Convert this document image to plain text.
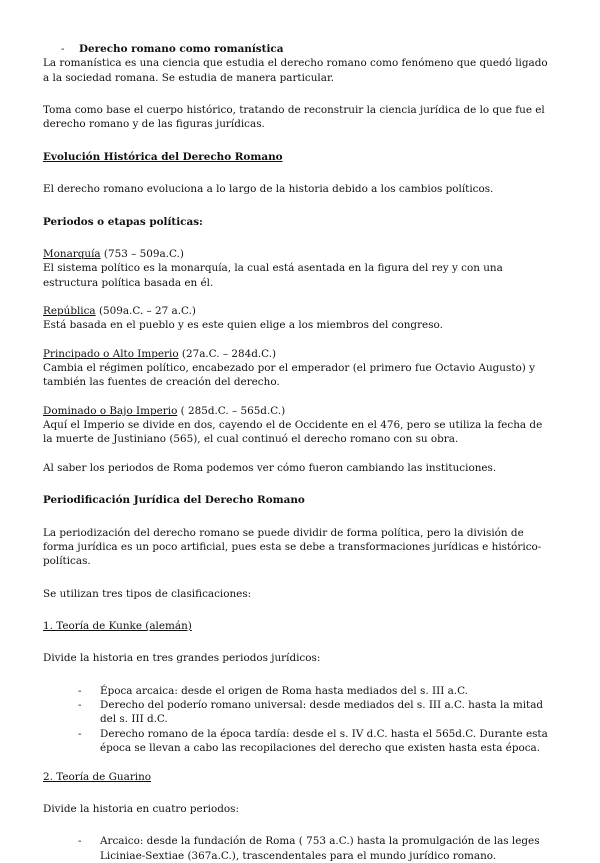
- Derecho romano como romanística

La romanística es una ciencia que estudia el derecho romano como fenómeno que quedó ligado a la sociedad romana. Se estudia de manera particular.

Toma como base el cuerpo histórico, tratando de reconstruir la ciencia jurídica de lo que fue el derecho romano y de las figuras jurídicas.

Evolución Histórica del Derecho Romano

El derecho romano evoluciona a lo largo de la historia debido a los cambios políticos.

Periodos o etapas políticas:

Monarquía (753 – 509a.C.)

El sistema político es la monarquía, la cual está asentada en la figura del rey y con una estructura política basada en él.

República (509a.C. – 27 a.C.)

Está basada en el pueblo y es este quien elige a los miembros del congreso.

Principado o Alto Imperio (27a.C. – 284d.C.)

Cambia el régimen político, encabezado por el emperador (el primero fue Octavio Augusto) y también las fuentes de creación del derecho.

Dominado o Bajo Imperio ( 285d.C. – 565d.C.)

Aquí el Imperio se divide en dos, cayendo el de Occidente en el 476, pero se utiliza la fecha de la muerte de Justiniano (565), el cual continuó el derecho romano con su obra.

Al saber los periodos de Roma podemos ver cómo fueron cambiando las instituciones.

Periodificación Jurídica del Derecho Romano

La periodización del derecho romano se puede dividir de forma política, pero la división de forma jurídica es un poco artificial, pues esta se debe a transformaciones jurídicas e histórico-políticas.

Se utilizan tres tipos de clasificaciones:

1. Teoría de Kunke (alemán)

Divide la historia en tres grandes periodos jurídicos:

- Época arcaica: desde el origen de Roma hasta mediados del s. III a.C.
- Derecho del poderío romano universal: desde mediados del s. III a.C. hasta la mitad del s. III d.C.
- Derecho romano de la época tardía: desde el s. IV d.C. hasta el 565d.C. Durante esta época se llevan a cabo las recopilaciones del derecho que existen hasta esta época.

2. Teoría de Guarino

Divide la historia en cuatro periodos:

- Arcaico: desde la fundación de Roma ( 753 a.C.) hasta la promulgación de las leges Liciniae-Sextiae (367a.C.), trascendentales para el mundo jurídico romano.
